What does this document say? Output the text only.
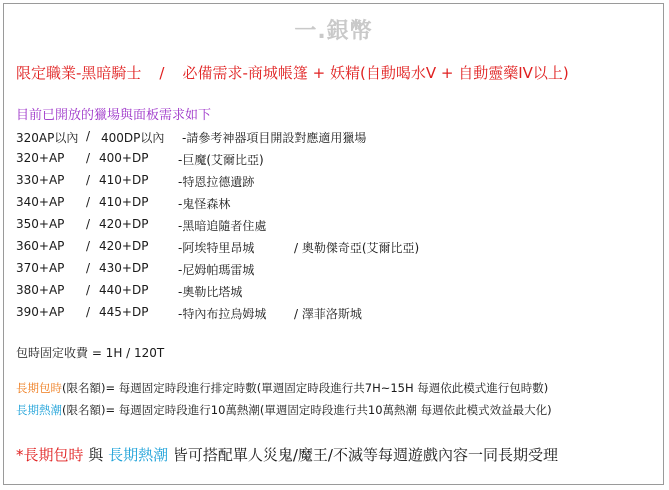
一.銀幣
限定職業-黑暗騎士 / 必備需求-商城帳篷 + 妖精(自動喝水V + 自動靈藥IV以上)
目前已開放的獵場與面板需求如下
320AP以內 / 400DP以內 -請參考神器項目開設對應適用獵場
320+AP / 400+DP -巨魔(艾爾比亞)
330+AP / 410+DP -特恩拉德遺跡
340+AP / 410+DP -鬼怪森林
350+AP / 420+DP -黑暗追隨者住處
360+AP / 420+DP -阿埃特里昂城	/ 奧勒傑奇亞(艾爾比亞)
370+AP / 430+DP -尼姆帕瑪雷城
380+AP / 440+DP -奧勒比塔城
390+AP / 445+DP -特內布拉烏姆城 / 澤菲洛斯城
包時固定收費 = 1H / 120T
長期包時(限名額)= 每週固定時段進行排定時數(單週固定時段進行共7H~15H 每週依此模式進行包時數)
長期熱潮(限名額)= 每週固定時段進行10萬熱潮(單週固定時段進行共10萬熱潮 每週依此模式效益最大化)
*長期包時 與 長期熱潮 皆可搭配單人災鬼/魔王/不滅等每週遊戲內容一同長期受理
